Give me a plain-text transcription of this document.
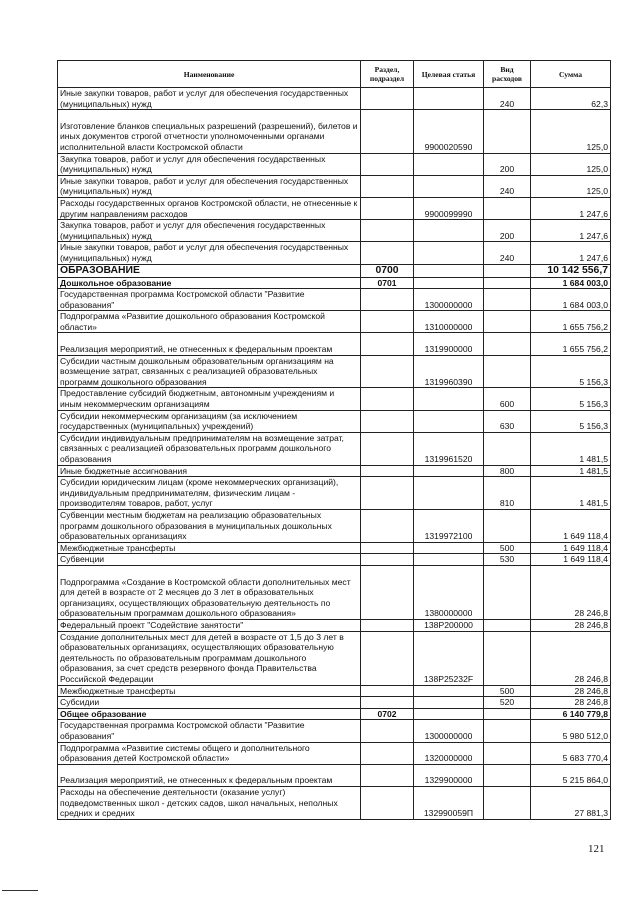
Наименование	Раздел, подраздел	Целевая статья	Вид расходов	Сумма
Иные закупки товаров, работ и услуг для обеспечения государственных (муниципальных) нужд			240	62,3
Изготовление бланков специальных разрешений (разрешений), билетов и иных документов строгой отчетности уполномоченными органами исполнительной власти Костромской области		9900020590		125,0
Закупка товаров, работ и услуг для обеспечения государственных (муниципальных) нужд			200	125,0
Иные закупки товаров, работ и услуг для обеспечения государственных (муниципальных) нужд			240	125,0
Расходы государственных органов Костромской области, не отнесенные к другим направлениям расходов		9900099990		1 247,6
Закупка товаров, работ и услуг для обеспечения государственных (муниципальных) нужд			200	1 247,6
Иные закупки товаров, работ и услуг для обеспечения государственных (муниципальных) нужд			240	1 247,6
ОБРАЗОВАНИЕ	0700			10 142 556,7
Дошкольное образование	0701			1 684 003,0
Государственная программа Костромской области "Развитие образования"		1300000000		1 684 003,0
Подпрограмма «Развитие дошкольного образования Костромской области»		1310000000		1 655 756,2
Реализация мероприятий, не отнесенных к федеральным проектам		1319900000		1 655 756,2
Субсидии частным дошкольным образовательным организациям на возмещение затрат, связанных с реализацией образовательных программ дошкольного образования		1319960390		5 156,3
Предоставление субсидий бюджетным, автономным учреждениям и иным некоммерческим организациям			600	5 156,3
Субсидии некоммерческим организациям (за исключением государственных (муниципальных) учреждений)			630	5 156,3
Субсидии индивидуальным предпринимателям на возмещение затрат, связанных с реализацией образовательных программ дошкольного образования		1319961520		1 481,5
Иные бюджетные ассигнования			800	1 481,5
Субсидии юридическим лицам (кроме некоммерческих организаций), индивидуальным предпринимателям, физическим лицам - производителям товаров, работ, услуг			810	1 481,5
Субвенции местным бюджетам на реализацию образовательных программ дошкольного образования в муниципальных дошкольных образовательных организациях		1319972100		1 649 118,4
Межбюджетные трансферты			500	1 649 118,4
Субвенции			530	1 649 118,4
Подпрограмма «Создание в Костромской области дополнительных мест для детей в возрасте от 2 месяцев до 3 лет в образовательных организациях, осуществляющих образовательную деятельность по образовательным программам дошкольного образования»		1380000000		28 246,8
Федеральный проект "Содействие занятости"		138P200000		28 246,8
Создание дополнительных мест для детей в возрасте от 1,5 до 3 лет в образовательных организациях, осуществляющих образовательную деятельность по образовательным программам дошкольного образования, за счет средств резервного фонда Правительства Российской Федерации		138P25232F		28 246,8
Межбюджетные трансферты			500	28 246,8
Субсидии			520	28 246,8
Общее образование	0702			6 140 779,8
Государственная программа Костромской области "Развитие образования"		1300000000		5 980 512,0
Подпрограмма «Развитие системы общего и дополнительного образования детей Костромской области»		1320000000		5 683 770,4
Реализация мероприятий, не отнесенных к федеральным проектам		1329900000		5 215 864,0
Расходы на обеспечение деятельности (оказание услуг) подведомственных школ - детских садов, школ начальных, неполных средних и средних		132990059П		27 881,3
121
